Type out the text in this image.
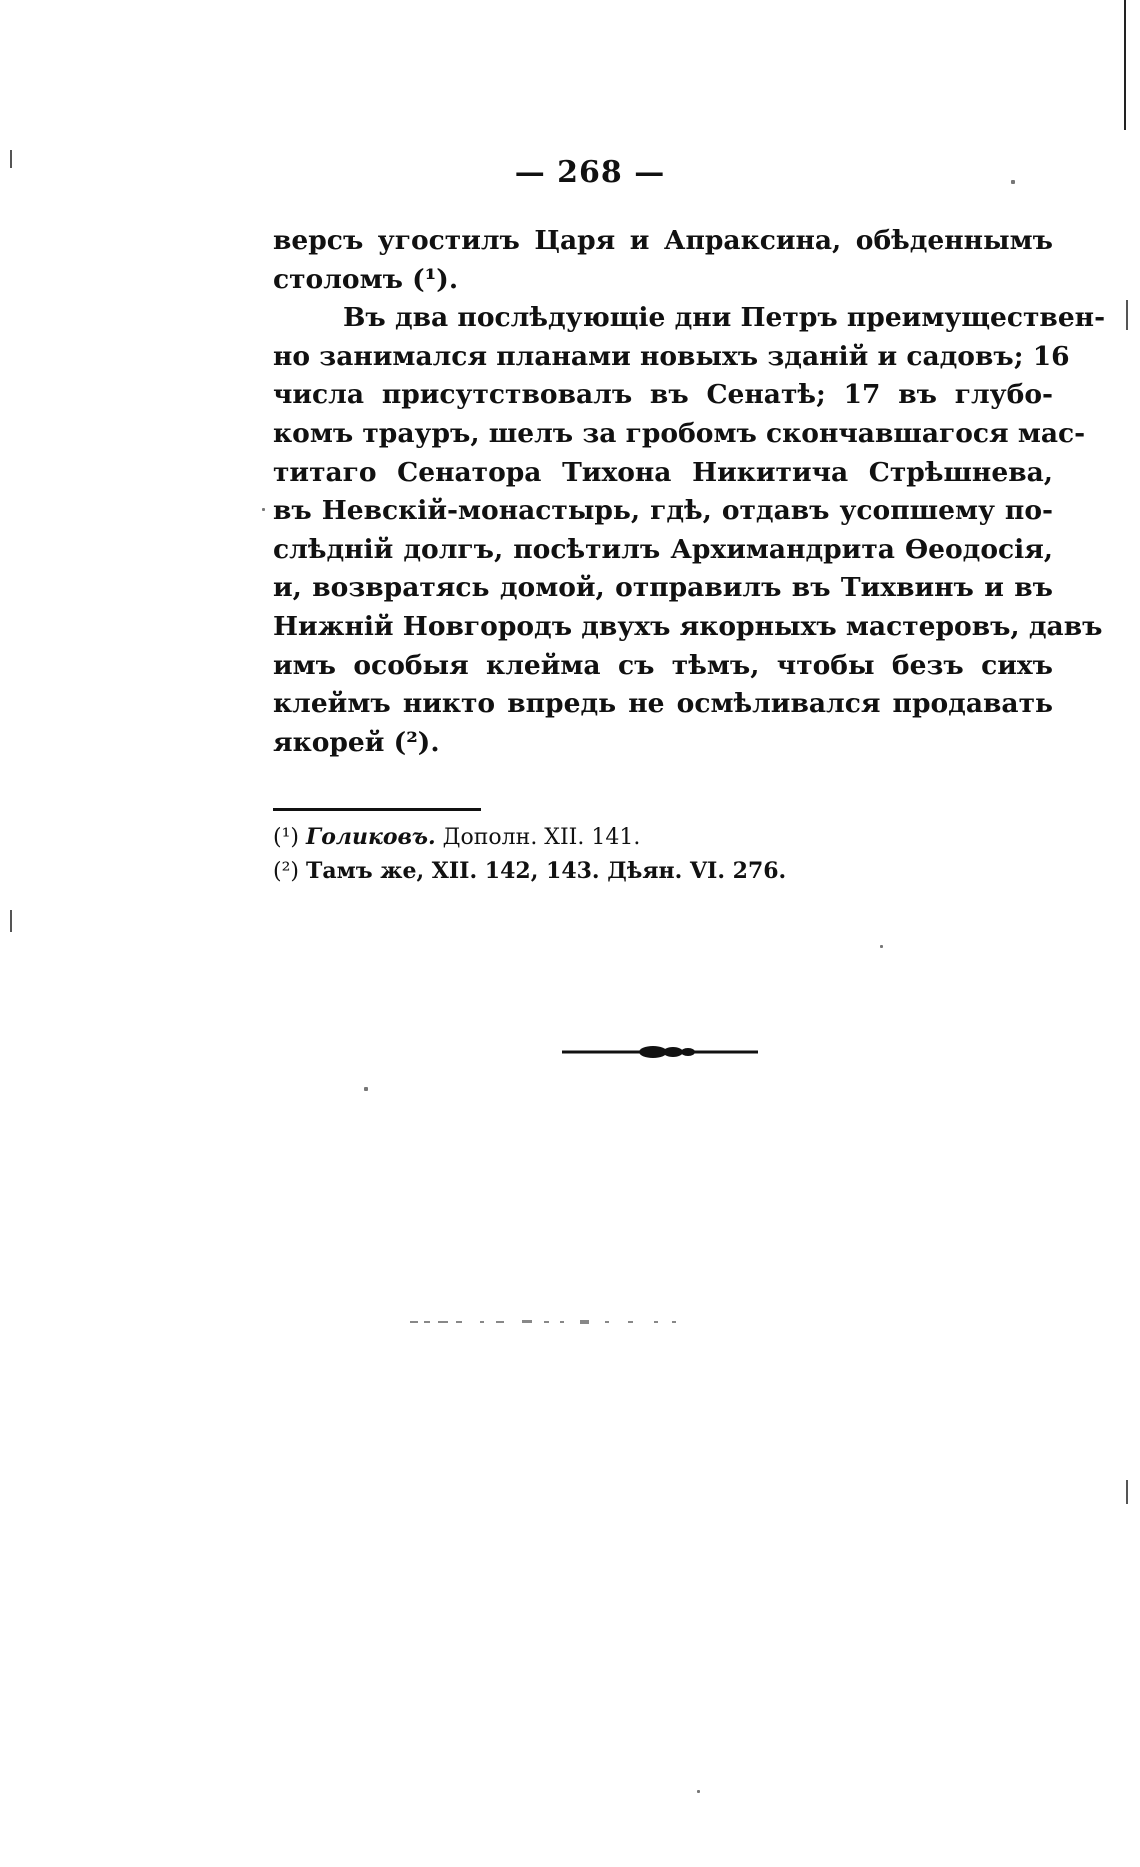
— 268 —
версъ угостилъ Царя и Апраксина, обѣденнымъ
столомъ (¹).
Въ два послѣдующіе дни Петръ преимуществен-
но занимался планами новыхъ зданій и садовъ; 16
числа присутствовалъ въ Сенатѣ; 17 въ глубо-
комъ трауръ, шелъ за гробомъ скончавшагося мас-
титаго Сенатора Тихона Никитича Стрѣшнева,
въ Невскій-монастырь, гдѣ, отдавъ усопшему по-
слѣдній долгъ, посѣтилъ Архимандрита Ѳеодосія,
и, возвратясь домой, отправилъ въ Тихвинъ и въ
Нижній Новгородъ двухъ якорныхъ мастеровъ, давъ
имъ особыя клейма съ тѣмъ, чтобы безъ сихъ
клеймъ никто впредь не осмѣливался продавать
якорей (²).
(¹) Голиковъ. Дополн. XII. 141.
(²) Тамъ же, XII. 142, 143. Дѣян. VI. 276.
